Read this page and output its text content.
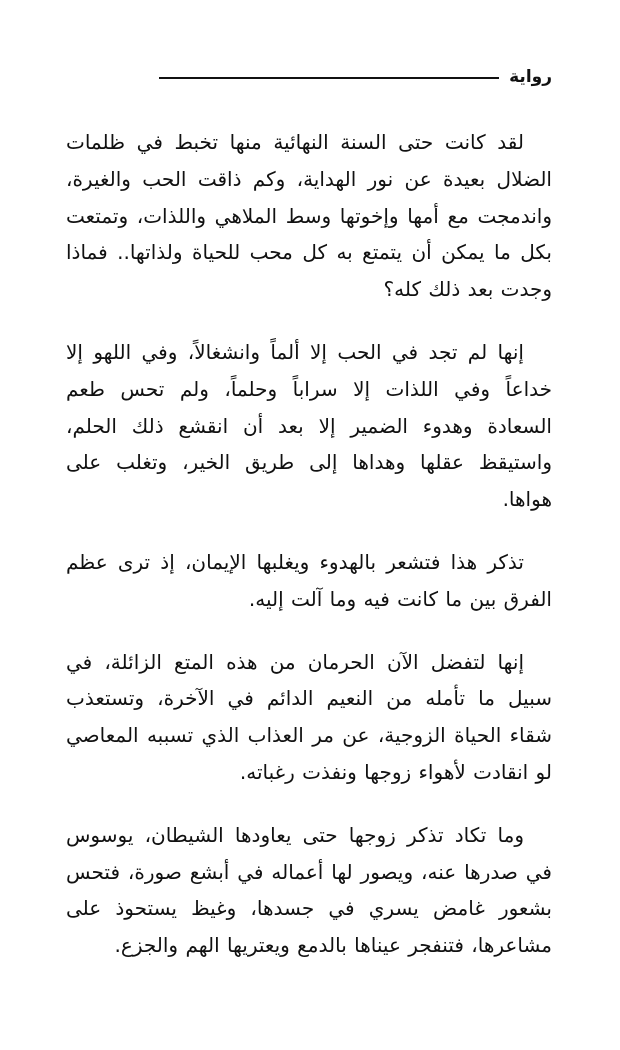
رواية

لقد كانت حتى السنة النهائية منها تخبط في ظلمات الضلال بعيدة عن نور الهداية، وكم ذاقت الحب والغيرة، واندمجت مع أمها وإخوتها وسط الملاهي واللذات، وتمتعت بكل ما يمكن أن يتمتع به كل محب للحياة ولذاتها.. فماذا وجدت بعد ذلك كله؟

إنها لم تجد في الحب إلا ألماً وانشغالاً، وفي اللهو إلا خداعاً وفي اللذات إلا سراباً وحلماً، ولم تحس طعم السعادة وهدوء الضمير إلا بعد أن انقشع ذلك الحلم، واستيقظ عقلها وهداها إلى طريق الخير، وتغلب على هواها.

تذكر هذا فتشعر بالهدوء ويغلبها الإيمان، إذ ترى عظم الفرق بين ما كانت فيه وما آلت إليه.

إنها لتفضل الآن الحرمان من هذه المتع الزائلة، في سبيل ما تأمله من النعيم الدائم في الآخرة، وتستعذب شقاء الحياة الزوجية، عن مر العذاب الذي تسببه المعاصي لو انقادت لأهواء زوجها ونفذت رغباته.

وما تكاد تذكر زوجها حتى يعاودها الشيطان، يوسوس في صدرها عنه، ويصور لها أعماله في أبشع صورة، فتحس بشعور غامض يسري في جسدها، وغيظ يستحوذ على مشاعرها، فتنفجر عيناها بالدمع ويعتريها الهم والجزع.
